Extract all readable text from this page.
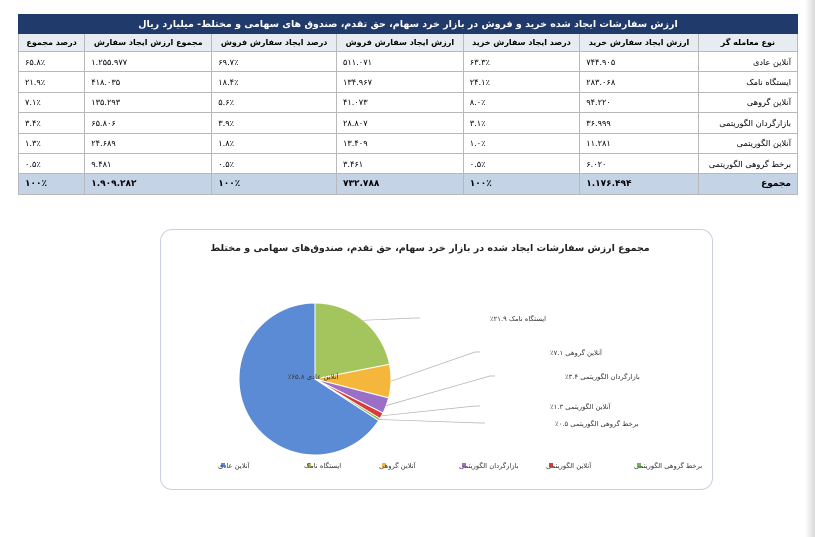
ارزش سفارشات ایجاد شده خرید و فروش در بازار خرد سهام، حق تقدم، صندوق های سهامی و مختلط- میلیارد ریال						
نوع معامله گر	ارزش ایجاد سفارش خرید	درصد ایجاد سفارش خرید	ارزش ایجاد سفارش فروش	درصد ایجاد سفارش فروش	مجموع ارزش ایجاد سفارش	درصد مجموع
آنلاین عادی	۷۴۴.۹۰۵	۶۳.۳٪	۵۱۱.۰۷۱	۶۹.۷٪	۱.۲۵۵.۹۷۷	۶۵.۸٪
ایستگاه نامک	۲۸۳.۰۶۸	۲۴.۱٪	۱۳۴.۹۶۷	۱۸.۴٪	۴۱۸.۰۳۵	۲۱.۹٪
آنلاین گروهی	۹۴.۲۲۰	۸.۰٪	۴۱.۰۷۳	۵.۶٪	۱۳۵.۲۹۳	۷.۱٪
بازارگردان الگوریتمی	۳۶.۹۹۹	۳.۱٪	۲۸.۸۰۷	۳.۹٪	۶۵.۸۰۶	۳.۴٪
آنلاین الگوریتمی	۱۱.۲۸۱	۱.۰٪	۱۳.۴۰۹	۱.۸٪	۲۴.۶۸۹	۱.۳٪
برخط گروهی الگوریتمی	۶.۰۲۰	۰.۵٪	۳.۴۶۱	۰.۵٪	۹.۴۸۱	۰.۵٪
مجموع	۱.۱۷۶.۴۹۴	۱۰۰٪	۷۳۲.۷۸۸	۱۰۰٪	۱.۹۰۹.۲۸۲	۱۰۰٪
مجموع ارزش سفارشات ایجاد شده در بازار خرد سهام، حق تقدم، صندوق‌های سهامی و مختلط
آنلاین عادی ۶۵.۸٪
ایستگاه نامک ۲۱.۹٪
آنلاین گروهی ۷.۱٪
بازارگردان الگوریتمی ۳.۴٪
آنلاین الگوریتمی ۱.۳٪
برخط گروهی الگوریتمی ۰.۵٪
برخط گروهی الگوریتمی
آنلاین الگوریتمی
بازارگردان الگوریتمی
آنلاین گروهی
ایستگاه نامک
آنلاین عادی
